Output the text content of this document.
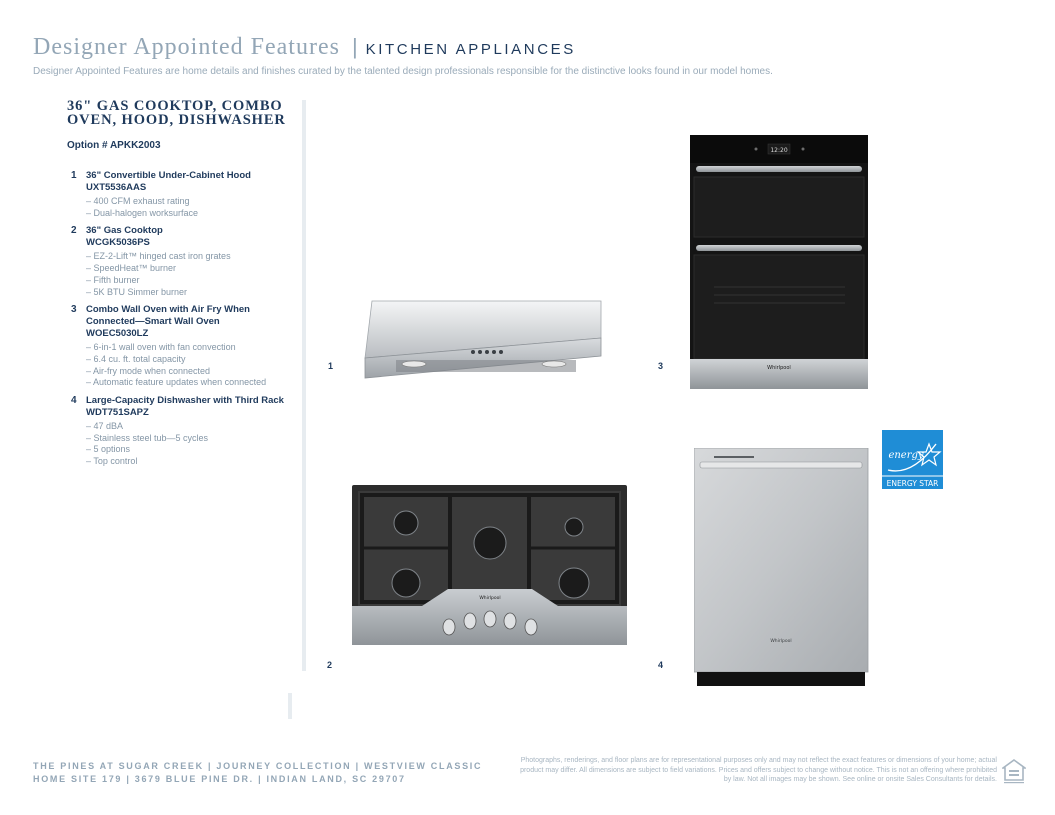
Designer Appointed Features | KITCHEN APPLIANCES
Designer Appointed Features are home details and finishes curated by the talented design professionals responsible for the distinctive looks found in our model homes.
36" GAS COOKTOP, COMBO
OVEN, HOOD, DISHWASHER
Option # APKK2003
1 36" Convertible Under-Cabinet Hood
UXT5536AAS
– 400 CFM exhaust rating
– Dual-halogen worksurface
2 36" Gas Cooktop
WCGK5036PS
– EZ-2-Lift™ hinged cast iron grates
– SpeedHeat™ burner
– Fifth burner
– 5K BTU Simmer burner
3 Combo Wall Oven with Air Fry When
Connected—Smart Wall Oven
WOEC5030LZ
– 6-in-1 wall oven with fan convection
– 6.4 cu. ft. total capacity
– Air-fry mode when connected
– Automatic feature updates when connected
4 Large-Capacity Dishwasher with Third Rack
WDT751SAPZ
– 47 dBA
– Stainless steel tub—5 cycles
– 5 options
– Top control
1
12:20
Whirlpool
3
Whirlpool
2
Whirlpool
4
energy
ENERGY STAR
THE PINES AT SUGAR CREEK | JOURNEY COLLECTION | WESTVIEW CLASSIC
HOME SITE 179 | 3679 BLUE PINE DR. | INDIAN LAND, SC 29707
Photographs, renderings, and floor plans are for representational purposes only and may not reflect the exact features or dimensions of your home; actual product may differ. All dimensions are subject to field variations. Prices and offers subject to change without notice. This is not an offering where prohibited by law. Not all images may be shown. See online or onsite Sales Consultants for details.
